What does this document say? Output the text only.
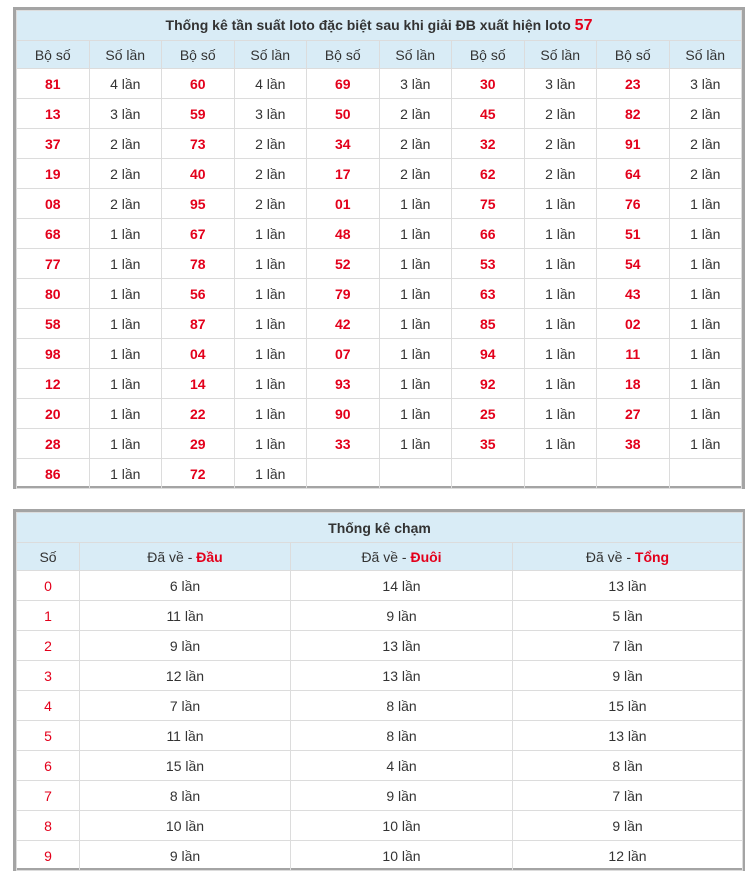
Thống kê tần suất loto đặc biệt sau khi giải ĐB xuất hiện loto 57									
Bộ số	Số lần	Bộ số	Số lần	Bộ số	Số lần	Bộ số	Số lần	Bộ số	Số lần
81	4 lần	60	4 lần	69	3 lần	30	3 lần	23	3 lần
13	3 lần	59	3 lần	50	2 lần	45	2 lần	82	2 lần
37	2 lần	73	2 lần	34	2 lần	32	2 lần	91	2 lần
19	2 lần	40	2 lần	17	2 lần	62	2 lần	64	2 lần
08	2 lần	95	2 lần	01	1 lần	75	1 lần	76	1 lần
68	1 lần	67	1 lần	48	1 lần	66	1 lần	51	1 lần
77	1 lần	78	1 lần	52	1 lần	53	1 lần	54	1 lần
80	1 lần	56	1 lần	79	1 lần	63	1 lần	43	1 lần
58	1 lần	87	1 lần	42	1 lần	85	1 lần	02	1 lần
98	1 lần	04	1 lần	07	1 lần	94	1 lần	11	1 lần
12	1 lần	14	1 lần	93	1 lần	92	1 lần	18	1 lần
20	1 lần	22	1 lần	90	1 lần	25	1 lần	27	1 lần
28	1 lần	29	1 lần	33	1 lần	35	1 lần	38	1 lần
86	1 lần	72	1 lần						
Thống kê chạm			
Số	Đã về - Đầu	Đã về - Đuôi	Đã về - Tổng
0	6 lần	14 lần	13 lần
1	11 lần	9 lần	5 lần
2	9 lần	13 lần	7 lần
3	12 lần	13 lần	9 lần
4	7 lần	8 lần	15 lần
5	11 lần	8 lần	13 lần
6	15 lần	4 lần	8 lần
7	8 lần	9 lần	7 lần
8	10 lần	10 lần	9 lần
9	9 lần	10 lần	12 lần
